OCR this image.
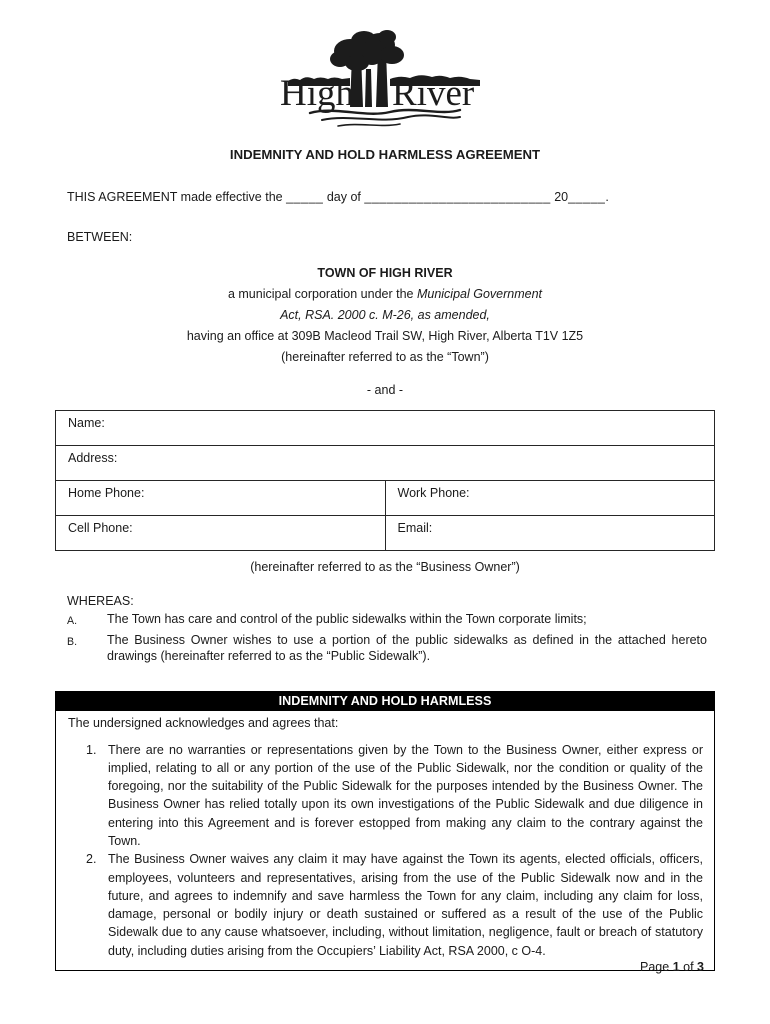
High River
INDEMNITY AND HOLD HARMLESS AGREEMENT
THIS AGREEMENT made effective the _____ day of _________________________ 20_____.
BETWEEN:
TOWN OF HIGH RIVER
a municipal corporation under the Municipal Government
Act, RSA. 2000 c. M-26, as amended,
having an office at 309B Macleod Trail SW, High River, Alberta T1V 1Z5
(hereinafter referred to as the “Town”)
- and -
Name:	
Address:	
Home Phone:	Work Phone:
Cell Phone:	Email:
(hereinafter referred to as the “Business Owner”)
WHEREAS:
A.	The Town has care and control of the public sidewalks within the Town corporate limits;
B.	The Business Owner wishes to use a portion of the public sidewalks as defined in the attached hereto drawings (hereinafter referred to as the “Public Sidewalk”).
INDEMNITY AND HOLD HARMLESS
The undersigned acknowledges and agrees that:
1. There are no warranties or representations given by the Town to the Business Owner, either express or implied, relating to all or any portion of the use of the Public Sidewalk, nor the condition or quality of the foregoing, nor the suitability of the Public Sidewalk for the purposes intended by the Business Owner. The Business Owner has relied totally upon its own investigations of the Public Sidewalk and due diligence in entering into this Agreement and is forever estopped from making any claim to the contrary against the Town.
2. The Business Owner waives any claim it may have against the Town its agents, elected officials, officers, employees, volunteers and representatives, arising from the use of the Public Sidewalk now and in the future, and agrees to indemnify and save harmless the Town for any claim, including any claim for loss, damage, personal or bodily injury or death sustained or suffered as a result of the use of the Public Sidewalk due to any cause whatsoever, including, without limitation, negligence, fault or breach of statutory duty, including duties arising from the Occupiers’ Liability Act, RSA 2000, c O-4.
Page 1 of 3
